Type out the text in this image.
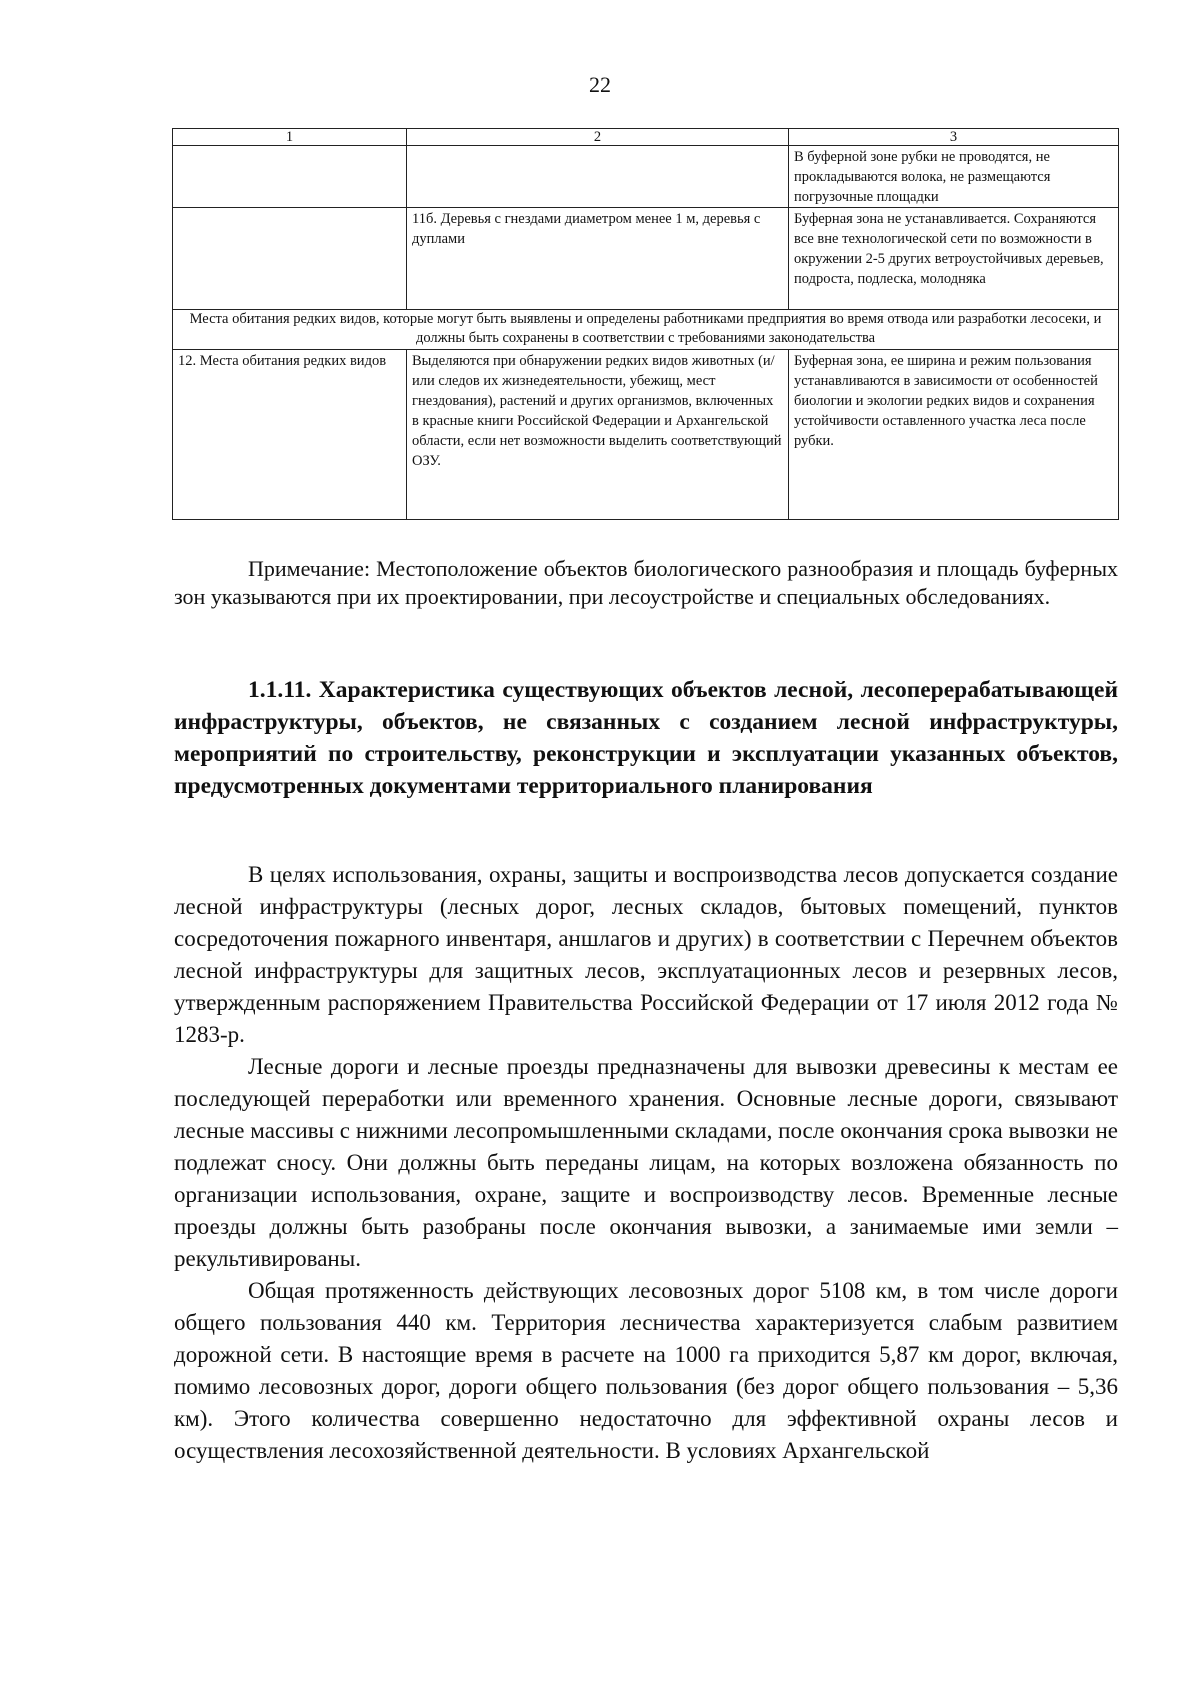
22
1	2	3
		В буферной зоне рубки не проводятся, не прокладываются волока, не размещаются погрузочные площадки
	11б. Деревья с гнездами диаметром менее 1 м, деревья с дуплами	Буферная зона не устанавливается. Сохраняются все вне технологической сети по возможности в окружении 2-5 других ветроустойчивых деревьев, подроста, подлеска, молодняка
Места обитания редких видов, которые могут быть выявлены и определены работниками предприятия во время отвода или разработки лесосеки, и должны быть сохранены в соответствии с требованиями законодательства		
12. Места обитания редких видов	Выделяются при обнаружении редких видов животных (и/или следов их жизнедеятельности, убежищ, мест гнездования), растений и других организмов, включенных в красные книги Российской Федерации и Архангельской области, если нет возможности выделить соответствующий ОЗУ.	Буферная зона, ее ширина и режим пользования устанавливаются в зависимости от особенностей биологии и экологии редких видов и сохранения устойчивости оставленного участка леса после рубки.

Примечание: Местоположение объектов биологического разнообразия и площадь буферных зон указываются при их проектировании, при лесоустройстве и специальных обследованиях.

1.1.11. Характеристика существующих объектов лесной, лесоперерабатывающей инфраструктуры, объектов, не связанных с созданием лесной инфраструктуры, мероприятий по строительству, реконструкции и эксплуатации указанных объектов, предусмотренных документами территориального планирования

В целях использования, охраны, защиты и воспроизводства лесов допускается создание лесной инфраструктуры (лесных дорог, лесных складов, бытовых помещений, пунктов сосредоточения пожарного инвентаря, аншлагов и других) в соответствии с Перечнем объектов лесной инфраструктуры для защитных лесов, эксплуатационных лесов и резервных лесов, утвержденным распоряжением Правительства Российской Федерации от 17 июля 2012 года № 1283-р.

Лесные дороги и лесные проезды предназначены для вывозки древесины к местам ее последующей переработки или временного хранения. Основные лесные дороги, связывают лесные массивы с нижними лесопромышленными складами, после окончания срока вывозки не подлежат сносу. Они должны быть переданы лицам, на которых возложена обязанность по организации использования, охране, защите и воспроизводству лесов. Временные лесные проезды должны быть разобраны после окончания вывозки, а занимаемые ими земли – рекультивированы.

Общая протяженность действующих лесовозных дорог 5108 км, в том числе дороги общего пользования 440 км. Территория лесничества характеризуется слабым развитием дорожной сети. В настоящие время в расчете на 1000 га приходится 5,87 км дорог, включая, помимо лесовозных дорог, дороги общего пользования (без дорог общего пользования – 5,36 км). Этого количества совершенно недостаточно для эффективной охраны лесов и осуществления лесохозяйственной деятельности. В условиях Архангельской
